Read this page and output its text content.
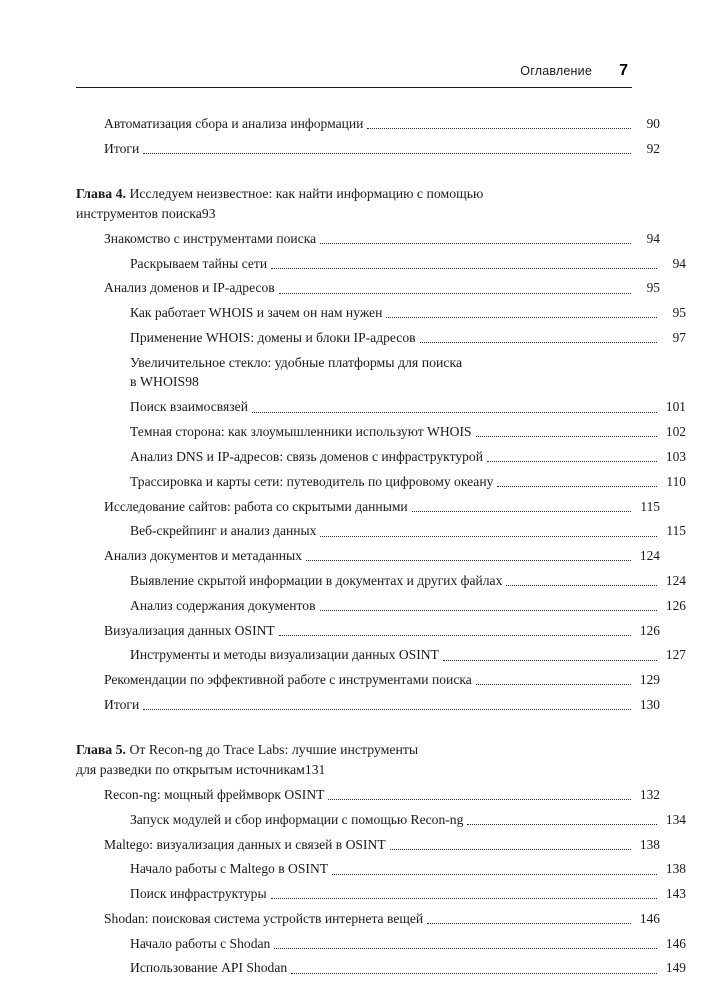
Оглавление	7
Автоматизация сбора и анализа информации	90
Итоги	92
Глава 4. Исследуем неизвестное: как найти информацию с помощью
инструментов поиска 93
Знакомство с инструментами поиска	94
Раскрываем тайны сети	94
Анализ доменов и IP-адресов	95
Как работает WHOIS и зачем он нам нужен	95
Применение WHOIS: домены и блоки IP-адресов	97
Увеличительное стекло: удобные платформы для поиска
в WHOIS 98
Поиск взаимосвязей	101
Темная сторона: как злоумышленники используют WHOIS	102
Анализ DNS и IP-адресов: связь доменов с инфраструктурой	103
Трассировка и карты сети: путеводитель по цифровому океану	110
Исследование сайтов: работа со скрытыми данными	115
Веб-скрейпинг и анализ данных	115
Анализ документов и метаданных	124
Выявление скрытой информации в документах и других файлах	124
Анализ содержания документов	126
Визуализация данных OSINT	126
Инструменты и методы визуализации данных OSINT	127
Рекомендации по эффективной работе с инструментами поиска	129
Итоги	130
Глава 5. От Recon-ng до Trace Labs: лучшие инструменты
для разведки по открытым источникам 131
Recon-ng: мощный фреймворк OSINT	132
Запуск модулей и сбор информации с помощью Recon-ng	134
Maltego: визуализация данных и связей в OSINT	138
Начало работы с Maltego в OSINT	138
Поиск инфраструктуры	143
Shodan: поисковая система устройств интернета вещей	146
Начало работы с Shodan	146
Использование API Shodan	149
